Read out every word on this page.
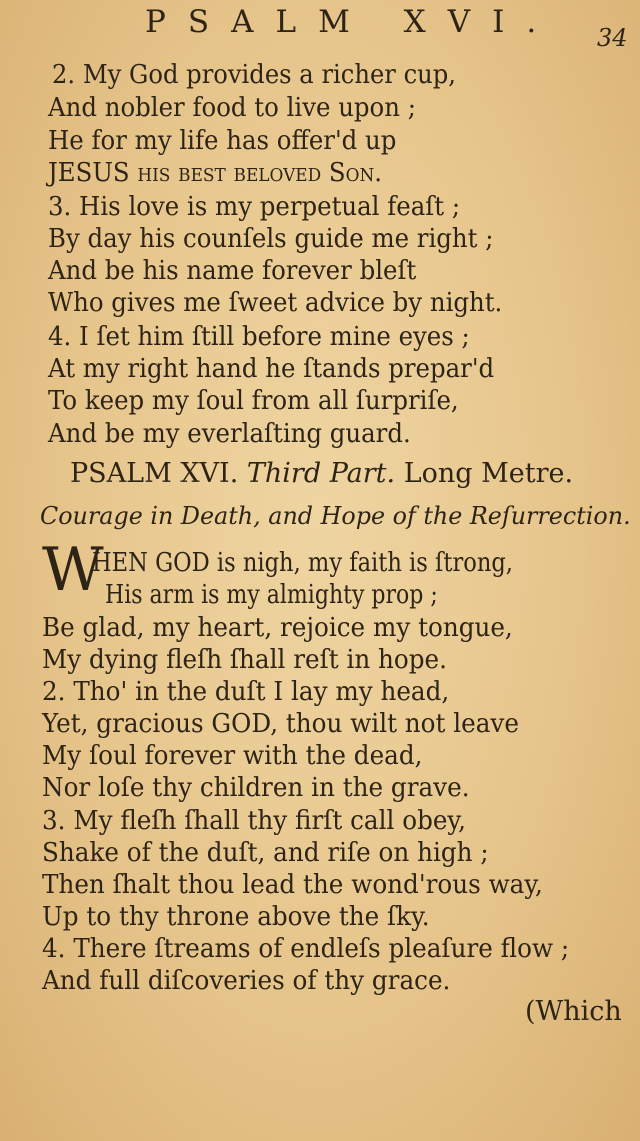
PSALM XVI. 34
2. My God provides a richer cup,
And nobler food to live upon ;
He for my life has offer'd up
JESUS his beſt beloved Son.
3. His love is my perpetual feaſt ;
By day his counſels guide me right ;
And be his name forever bleſt
Who gives me ſweet advice by night.
4. I ſet him ſtill before mine eyes ;
At my right hand he ſtands prepar'd
To keep my ſoul from all ſurpriſe,
And be my everlaſting guard.
PSALM XVI. Third Part. Long Metre.
Courage in Death, and Hope of the Reſurrection.
W
HEN GOD is nigh, my faith is ſtrong,
His arm is my almighty prop ;
Be glad, my heart, rejoice my tongue,
My dying fleſh ſhall reſt in hope.
2. Tho' in the duſt I lay my head,
Yet, gracious GOD, thou wilt not leave
My ſoul forever with the dead,
Nor loſe thy children in the grave.
3. My fleſh ſhall thy firſt call obey,
Shake of the duſt, and riſe on high ;
Then ſhalt thou lead the wond'rous way,
Up to thy throne above the ſky.
4. There ſtreams of endleſs pleaſure flow ;
And full diſcoveries of thy grace.
(Which
